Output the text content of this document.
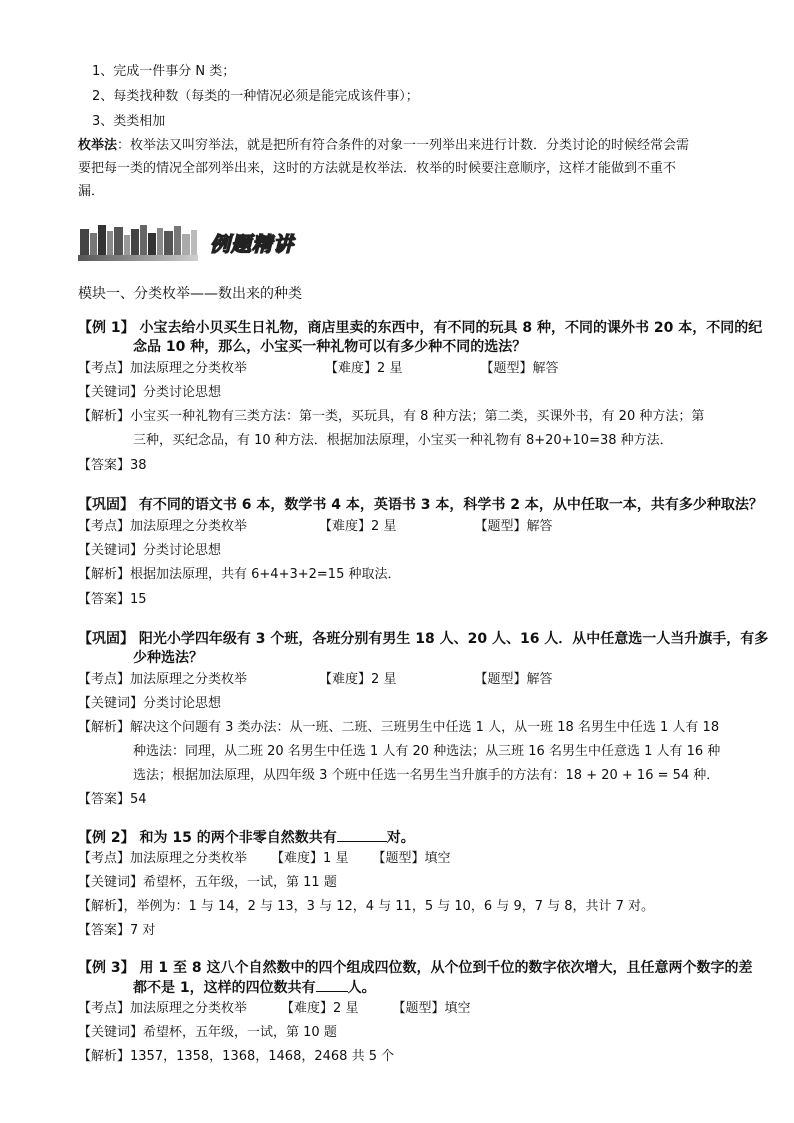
1、完成一件事分 N 类；
2、每类找种数（每类的一种情况必须是能完成该件事）；
3、类类相加
枚举法：枚举法又叫穷举法，就是把所有符合条件的对象一一列举出来进行计数．分类讨论的时候经常会需
要把每一类的情况全部列举出来，这时的方法就是枚举法．枚举的时候要注意顺序，这样才能做到不重不
漏．
例题精讲
模块一、分类枚举——数出来的种类
【例 1】 小宝去给小贝买生日礼物，商店里卖的东西中，有不同的玩具 8 种，不同的课外书 20 本，不同的纪
念品 10 种，那么，小宝买一种礼物可以有多少种不同的选法？
【考点】加法原理之分类枚举	【难度】2 星	【题型】解答
【关键词】分类讨论思想
【解析】小宝买一种礼物有三类方法：第一类，买玩具，有 8 种方法；第二类，买课外书，有 20 种方法；第
三种，买纪念品，有 10 种方法．根据加法原理，小宝买一种礼物有 8+20+10=38 种方法．
【答案】38
【巩固】 有不同的语文书 6 本，数学书 4 本，英语书 3 本，科学书 2 本，从中任取一本，共有多少种取法？
【考点】加法原理之分类枚举	【难度】2 星	【题型】解答
【关键词】分类讨论思想
【解析】根据加法原理，共有 6+4+3+2=15 种取法．
【答案】15
【巩固】 阳光小学四年级有 3 个班，各班分别有男生 18 人、20 人、16 人．从中任意选一人当升旗手，有多
少种选法？
【考点】加法原理之分类枚举	【难度】2 星	【题型】解答
【关键词】分类讨论思想
【解析】解决这个问题有 3 类办法：从一班、二班、三班男生中任选 1 人，从一班 18 名男生中任选 1 人有 18
种选法：同理，从二班 20 名男生中任选 1 人有 20 种选法；从三班 16 名男生中任意选 1 人有 16 种
选法；根据加法原理，从四年级 3 个班中任选一名男生当升旗手的方法有：18 + 20 + 16 = 54 种．
【答案】54
【例 2】 和为 15 的两个非零自然数共有	对。
【考点】加法原理之分类枚举 【难度】1 星 【题型】填空
【关键词】希望杯，五年级，一试，第 11 题
【解析】，举例为：1 与 14，2 与 13，3 与 12，4 与 11，5 与 10，6 与 9，7 与 8，共计 7 对。
【答案】7 对
【例 3】 用 1 至 8 这八个自然数中的四个组成四位数，从个位到千位的数字依次增大，且任意两个数字的差
都不是 1，这样的四位数共有 人。
【考点】加法原理之分类枚举	【难度】2 星	【题型】填空
【关键词】希望杯，五年级，一试，第 10 题
【解析】1357，1358，1368，1468，2468 共 5 个
